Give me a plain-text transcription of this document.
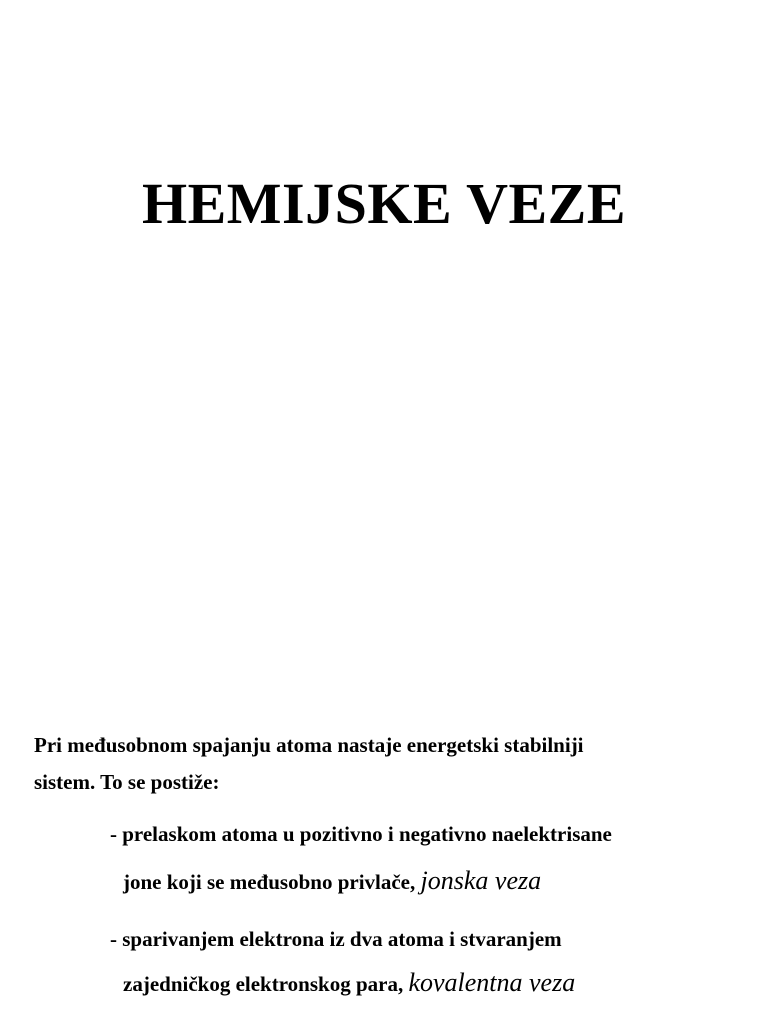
HEMIJSKE VEZE

Pri međusobnom spajanju atoma nastaje energetski stabilniji
sistem. To se postiže:

- prelaskom atoma u pozitivno i negativno naelektrisane
jone koji se međusobno privlače, jonska veza
- sparivanjem elektrona iz dva atoma i stvaranjem
zajedničkog elektronskog para, kovalentna veza
